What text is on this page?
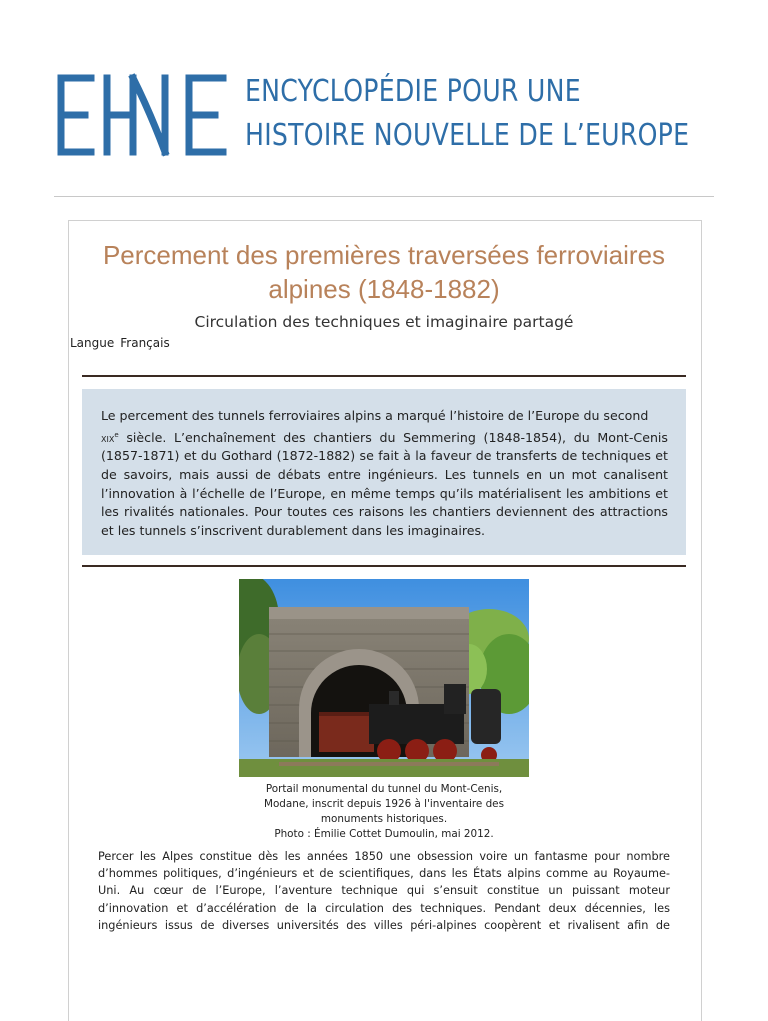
ENCYCLOPÉDIE POUR UNE
HISTOIRE NOUVELLE DE L’EUROPE
Percement des premières traversées ferroviaires
alpines (1848-1882)
Circulation des techniques et imaginaire partagé
Langue Français
Le percement des tunnels ferroviaires alpins a marqué l’histoire de l’Europe du second
xix$^e$ siècle. L’enchaînement des chantiers du Semmering (1848-1854), du Mont-Cenis (1857-1871) et du Gothard (1872-1882) se fait à la faveur de transferts de techniques et de savoirs, mais aussi de débats entre ingénieurs. Les tunnels en un mot canalisent l’innovation à l’échelle de l’Europe, en même temps qu’ils matérialisent les ambitions et les rivalités nationales. Pour toutes ces raisons les chantiers deviennent des attractions et les tunnels s’inscrivent durablement dans les imaginaires.
Portail monumental du tunnel du Mont-Cenis,
Modane, inscrit depuis 1926 à l'inventaire des
monuments historiques.
Photo : Émilie Cottet Dumoulin, mai 2012.
Percer les Alpes constitue dès les années 1850 une obsession voire un fantasme pour nombre
d’hommes politiques, d’ingénieurs et de scientifiques, dans les États alpins comme au Royaume-
Uni. Au cœur de l’Europe, l’aventure technique qui s’ensuit constitue un puissant moteur
d’innovation et d’accélération de la circulation des techniques. Pendant deux décennies, les
ingénieurs issus de diverses universités des villes péri-alpines coopèrent et rivalisent afin de
